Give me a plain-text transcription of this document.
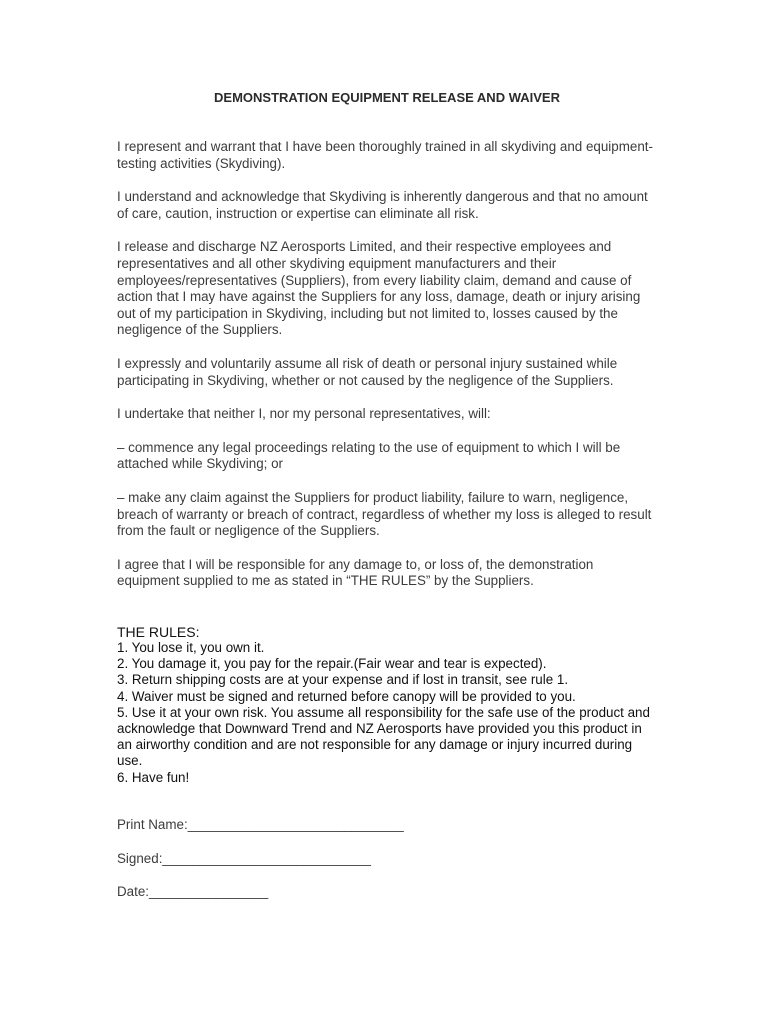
DEMONSTRATION EQUIPMENT RELEASE AND WAIVER

I represent and warrant that I have been thoroughly trained in all skydiving and equipment-testing activities (Skydiving).

I understand and acknowledge that Skydiving is inherently dangerous and that no amount of care, caution, instruction or expertise can eliminate all risk.

I release and discharge NZ Aerosports Limited, and their respective employees and representatives and all other skydiving equipment manufacturers and their employees/representatives (Suppliers), from every liability claim, demand and cause of action that I may have against the Suppliers for any loss, damage, death or injury arising out of my participation in Skydiving, including but not limited to, losses caused by the negligence of the Suppliers.

I expressly and voluntarily assume all risk of death or personal injury sustained while participating in Skydiving, whether or not caused by the negligence of the Suppliers.

I undertake that neither I, nor my personal representatives, will:

– commence any legal proceedings relating to the use of equipment to which I will be attached while Skydiving; or

– make any claim against the Suppliers for product liability, failure to warn, negligence, breach of warranty or breach of contract, regardless of whether my loss is alleged to result from the fault or negligence of the Suppliers.

I agree that I will be responsible for any damage to, or loss of, the demonstration equipment supplied to me as stated in “THE RULES” by the Suppliers.

THE RULES:

1. You lose it, you own it.

2. You damage it, you pay for the repair.(Fair wear and tear is expected).

3. Return shipping costs are at your expense and if lost in transit, see rule 1.

4. Waiver must be signed and returned before canopy will be provided to you.

5. Use it at your own risk. You assume all responsibility for the safe use of the product and acknowledge that Downward Trend and NZ Aerosports have provided you this product in an airworthy condition and are not responsible for any damage or injury incurred during use.

6. Have fun!

Print Name:_____________________________

Signed:____________________________

Date:________________
